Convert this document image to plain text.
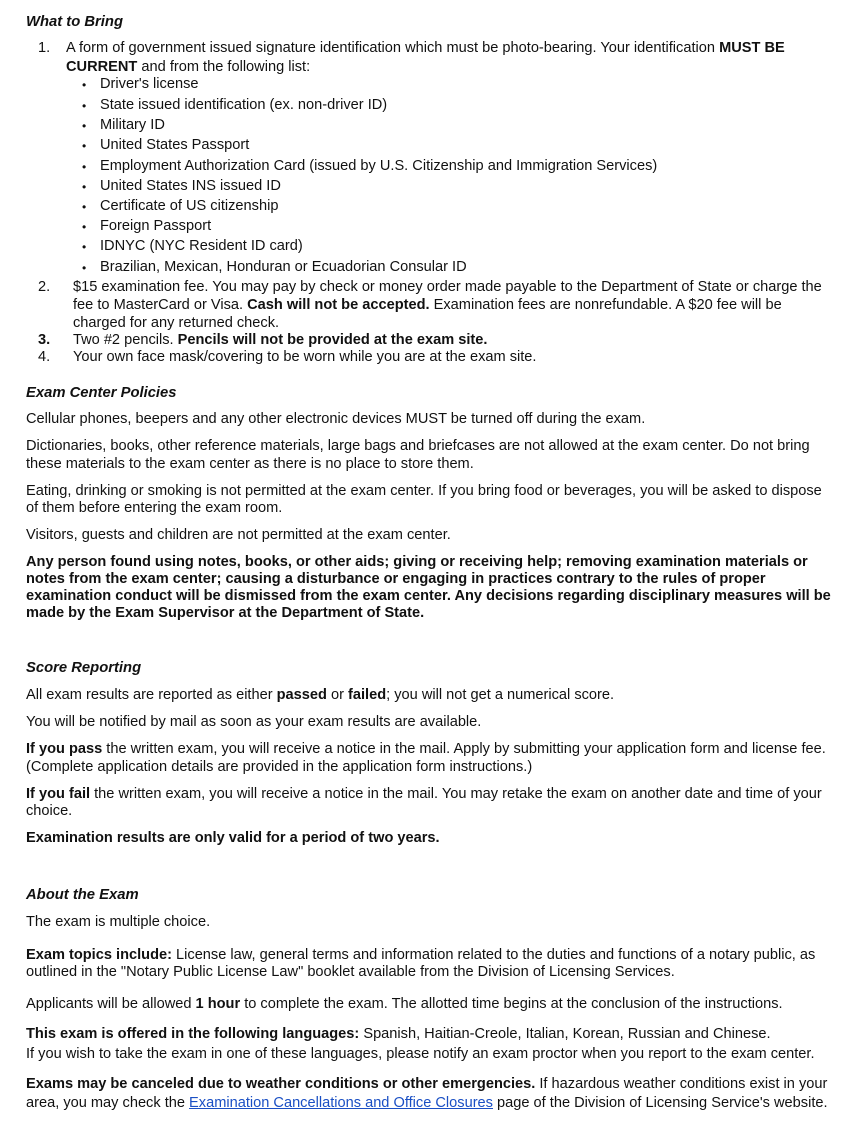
What to Bring
1. A form of government issued signature identification which must be photo-bearing. Your identification MUST BE
CURRENT and from the following list:
• Driver's license
• State issued identification (ex. non-driver ID)
• Military ID
• United States Passport
• Employment Authorization Card (issued by U.S. Citizenship and Immigration Services)
• United States INS issued ID
• Certificate of US citizenship
• Foreign Passport
• IDNYC (NYC Resident ID card)
• Brazilian, Mexican, Honduran or Ecuadorian Consular ID
2. $15 examination fee. You may pay by check or money order made payable to the Department of State or charge the
fee to MasterCard or Visa. Cash will not be accepted. Examination fees are nonrefundable. A $20 fee will be
charged for any returned check.
3. Two #2 pencils. Pencils will not be provided at the exam site.
4. Your own face mask/covering to be worn while you are at the exam site.
Exam Center Policies
Cellular phones, beepers and any other electronic devices MUST be turned off during the exam.
Dictionaries, books, other reference materials, large bags and briefcases are not allowed at the exam center. Do not bring
these materials to the exam center as there is no place to store them.
Eating, drinking or smoking is not permitted at the exam center. If you bring food or beverages, you will be asked to dispose
of them before entering the exam room.
Visitors, guests and children are not permitted at the exam center.
Any person found using notes, books, or other aids; giving or receiving help; removing examination materials or
notes from the exam center; causing a disturbance or engaging in practices contrary to the rules of proper
examination conduct will be dismissed from the exam center. Any decisions regarding disciplinary measures will be
made by the Exam Supervisor at the Department of State.
Score Reporting
All exam results are reported as either passed or failed; you will not get a numerical score.
You will be notified by mail as soon as your exam results are available.
If you pass the written exam, you will receive a notice in the mail. Apply by submitting your application form and license fee.
(Complete application details are provided in the application form instructions.)
If you fail the written exam, you will receive a notice in the mail. You may retake the exam on another date and time of your
choice.
Examination results are only valid for a period of two years.
About the Exam
The exam is multiple choice.
Exam topics include: License law, general terms and information related to the duties and functions of a notary public, as
outlined in the "Notary Public License Law" booklet available from the Division of Licensing Services.
Applicants will be allowed 1 hour to complete the exam. The allotted time begins at the conclusion of the instructions.
This exam is offered in the following languages: Spanish, Haitian-Creole, Italian, Korean, Russian and Chinese.
If you wish to take the exam in one of these languages, please notify an exam proctor when you report to the exam center.
Exams may be canceled due to weather conditions or other emergencies. If hazardous weather conditions exist in your
area, you may check the Examination Cancellations and Office Closures page of the Division of Licensing Service's website.
